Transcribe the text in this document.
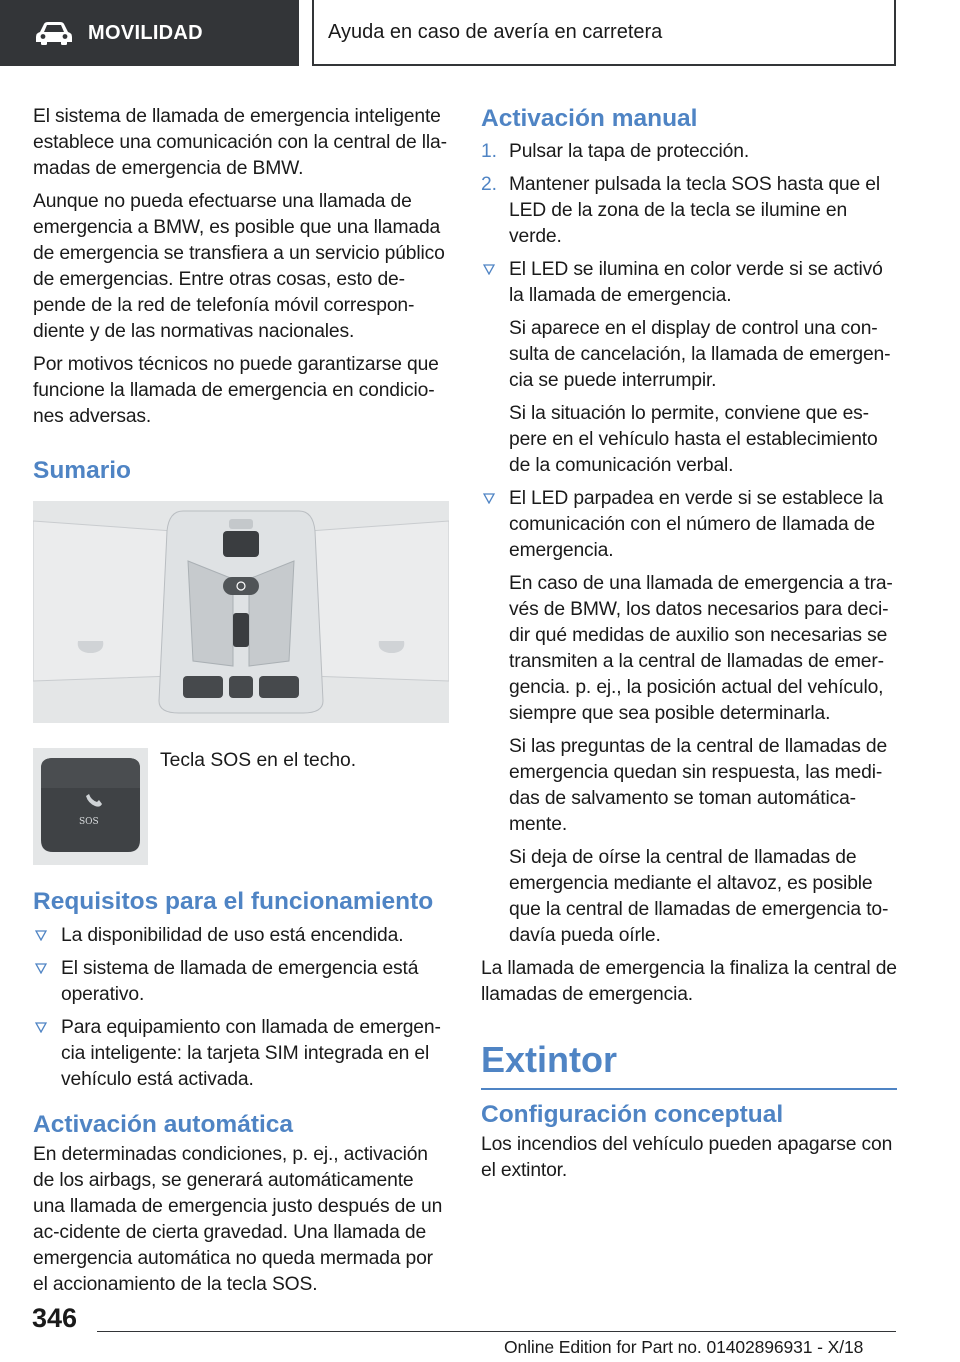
MOVILIDAD	Ayuda en caso de avería en carretera

El sistema de llamada de emergencia inteligente establece una comunicación con la central de lla-madas de emergencia de BMW.

Aunque no pueda efectuarse una llamada de emergencia a BMW, es posible que una llamada de emergencia se transfiera a un servicio público de emergencias. Entre otras cosas, esto de-pende de la red de telefonía móvil correspon-diente y de las normativas nacionales.

Por motivos técnicos no puede garantizarse que funcione la llamada de emergencia en condicio-nes adversas.

Sumario
SOS
Tecla SOS en el techo.
Requisitos para el funcionamiento
La disponibilidad de uso está encendida.
El sistema de llamada de emergencia está operativo.
Para equipamiento con llamada de emergen-cia inteligente: la tarjeta SIM integrada en el vehículo está activada.
Activación automática

En determinadas condiciones, p. ej., activación de los airbags, se generará automáticamente una llamada de emergencia justo después de un ac-cidente de cierta gravedad. Una llamada de emergencia automática no queda mermada por el accionamiento de la tecla SOS.

Activación manual
1. Pulsar la tapa de protección.
2. Mantener pulsada la tecla SOS hasta que el LED de la zona de la tecla se ilumine en verde.
El LED se ilumina en color verde si se activó la llamada de emergencia.

Si aparece en el display de control una con-sulta de cancelación, la llamada de emergen-cia se puede interrumpir.

Si la situación lo permite, conviene que es-pere en el vehículo hasta el establecimiento de la comunicación verbal.

El LED parpadea en verde si se establece la comunicación con el número de llamada de emergencia.

En caso de una llamada de emergencia a tra-vés de BMW, los datos necesarios para deci-dir qué medidas de auxilio son necesarias se transmiten a la central de llamadas de emer-gencia. p. ej., la posición actual del vehículo, siempre que sea posible determinarla.

Si las preguntas de la central de llamadas de emergencia quedan sin respuesta, las medi-das de salvamento se toman automática-mente.

Si deja de oírse la central de llamadas de emergencia mediante el altavoz, es posible que la central de llamadas de emergencia to-davía pueda oírle.

La llamada de emergencia la finaliza la central de llamadas de emergencia.

Extintor
Configuración conceptual

Los incendios del vehículo pueden apagarse con el extintor.

346
Online Edition for Part no. 01402896931 - X/18
